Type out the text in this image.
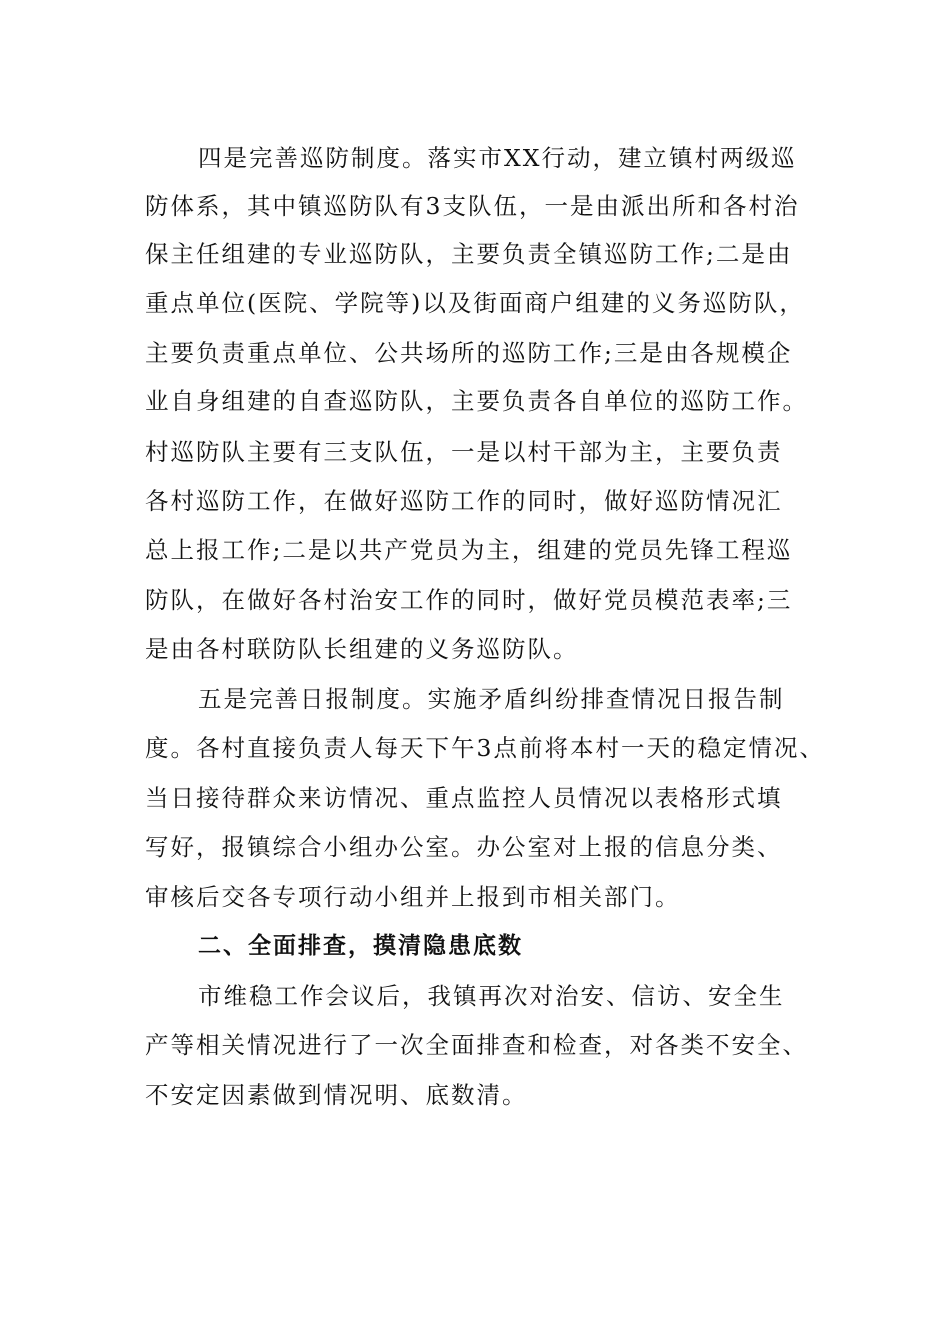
四是完善巡防制度。落实市XX行动，建立镇村两级巡
防体系，其中镇巡防队有3支队伍，一是由派出所和各村治
保主任组建的专业巡防队，主要负责全镇巡防工作;二是由
重点单位(医院、学院等)以及街面商户组建的义务巡防队，
主要负责重点单位、公共场所的巡防工作;三是由各规模企
业自身组建的自查巡防队，主要负责各自单位的巡防工作。
村巡防队主要有三支队伍，一是以村干部为主，主要负责
各村巡防工作，在做好巡防工作的同时，做好巡防情况汇
总上报工作;二是以共产党员为主，组建的党员先锋工程巡
防队，在做好各村治安工作的同时，做好党员模范表率;三
是由各村联防队长组建的义务巡防队。
五是完善日报制度。实施矛盾纠纷排查情况日报告制
度。各村直接负责人每天下午3点前将本村一天的稳定情况、
当日接待群众来访情况、重点监控人员情况以表格形式填
写好，报镇综合小组办公室。办公室对上报的信息分类、
审核后交各专项行动小组并上报到市相关部门。
二、全面排查，摸清隐患底数
市维稳工作会议后，我镇再次对治安、信访、安全生
产等相关情况进行了一次全面排查和检查，对各类不安全、
不安定因素做到情况明、底数清。
